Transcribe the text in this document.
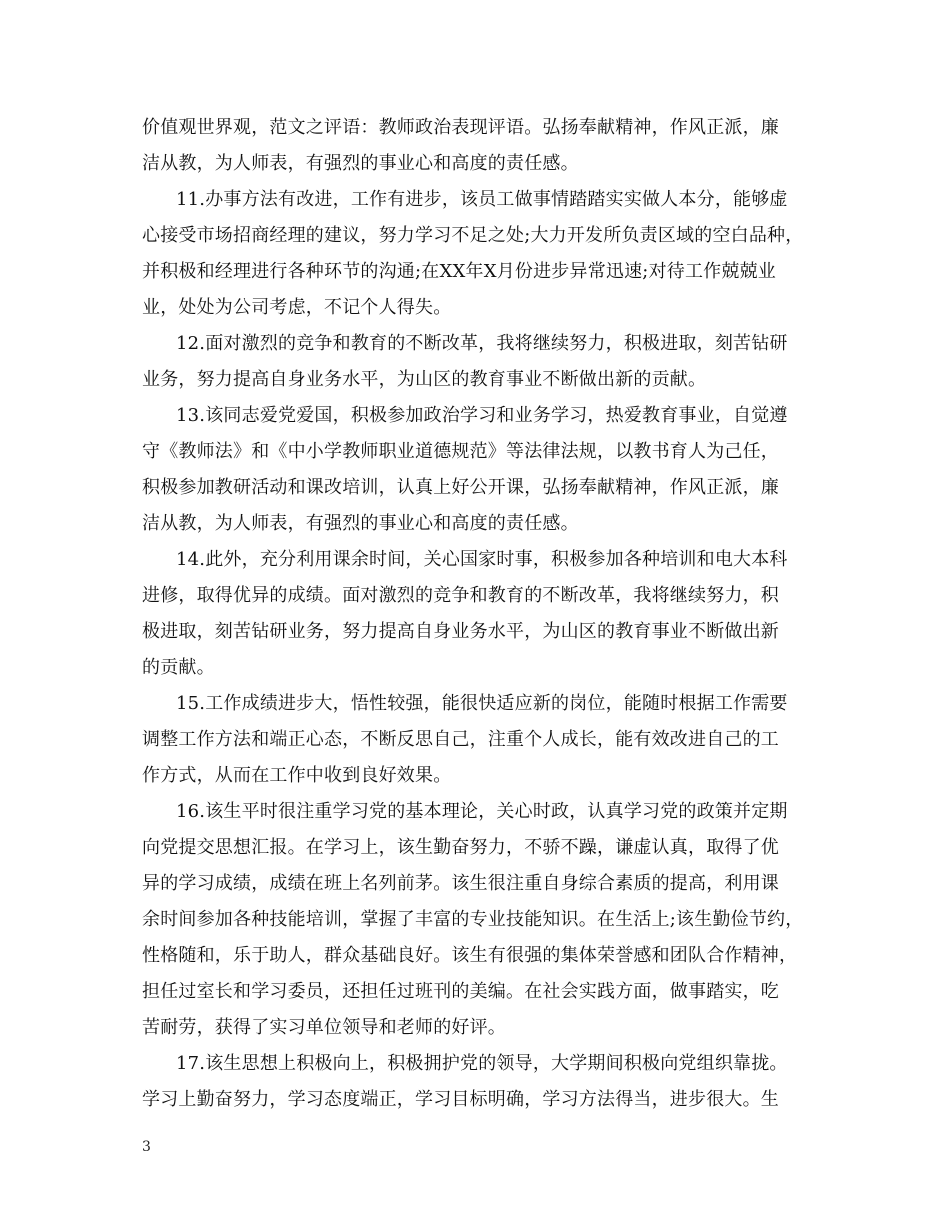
价值观世界观，范文之评语：教师政治表现评语。弘扬奉献精神，作风正派，廉
洁从教，为人师表，有强烈的事业心和高度的责任感。
11.办事方法有改进，工作有进步，该员工做事情踏踏实实做人本分，能够虚
心接受市场招商经理的建议，努力学习不足之处;大力开发所负责区域的空白品种，
并积极和经理进行各种环节的沟通;在XX年X月份进步异常迅速;对待工作兢兢业
业，处处为公司考虑，不记个人得失。
12.面对激烈的竞争和教育的不断改革，我将继续努力，积极进取，刻苦钻研
业务，努力提高自身业务水平，为山区的教育事业不断做出新的贡献。
13.该同志爱党爱国，积极参加政治学习和业务学习，热爱教育事业，自觉遵
守《教师法》和《中小学教师职业道德规范》等法律法规，以教书育人为己任，
积极参加教研活动和课改培训，认真上好公开课，弘扬奉献精神，作风正派，廉
洁从教，为人师表，有强烈的事业心和高度的责任感。
14.此外，充分利用课余时间，关心国家时事，积极参加各种培训和电大本科
进修，取得优异的成绩。面对激烈的竞争和教育的不断改革，我将继续努力，积
极进取，刻苦钻研业务，努力提高自身业务水平，为山区的教育事业不断做出新
的贡献。
15.工作成绩进步大，悟性较强，能很快适应新的岗位，能随时根据工作需要
调整工作方法和端正心态，不断反思自己，注重个人成长，能有效改进自己的工
作方式，从而在工作中收到良好效果。
16.该生平时很注重学习党的基本理论，关心时政，认真学习党的政策并定期
向党提交思想汇报。在学习上，该生勤奋努力，不骄不躁，谦虚认真，取得了优
异的学习成绩，成绩在班上名列前茅。该生很注重自身综合素质的提高，利用课
余时间参加各种技能培训，掌握了丰富的专业技能知识。在生活上;该生勤俭节约，
性格随和，乐于助人，群众基础良好。该生有很强的集体荣誉感和团队合作精神，
担任过室长和学习委员，还担任过班刊的美编。在社会实践方面，做事踏实，吃
苦耐劳，获得了实习单位领导和老师的好评。
17.该生思想上积极向上，积极拥护党的领导，大学期间积极向党组织靠拢。
学习上勤奋努力，学习态度端正，学习目标明确，学习方法得当，进步很大。生
3
